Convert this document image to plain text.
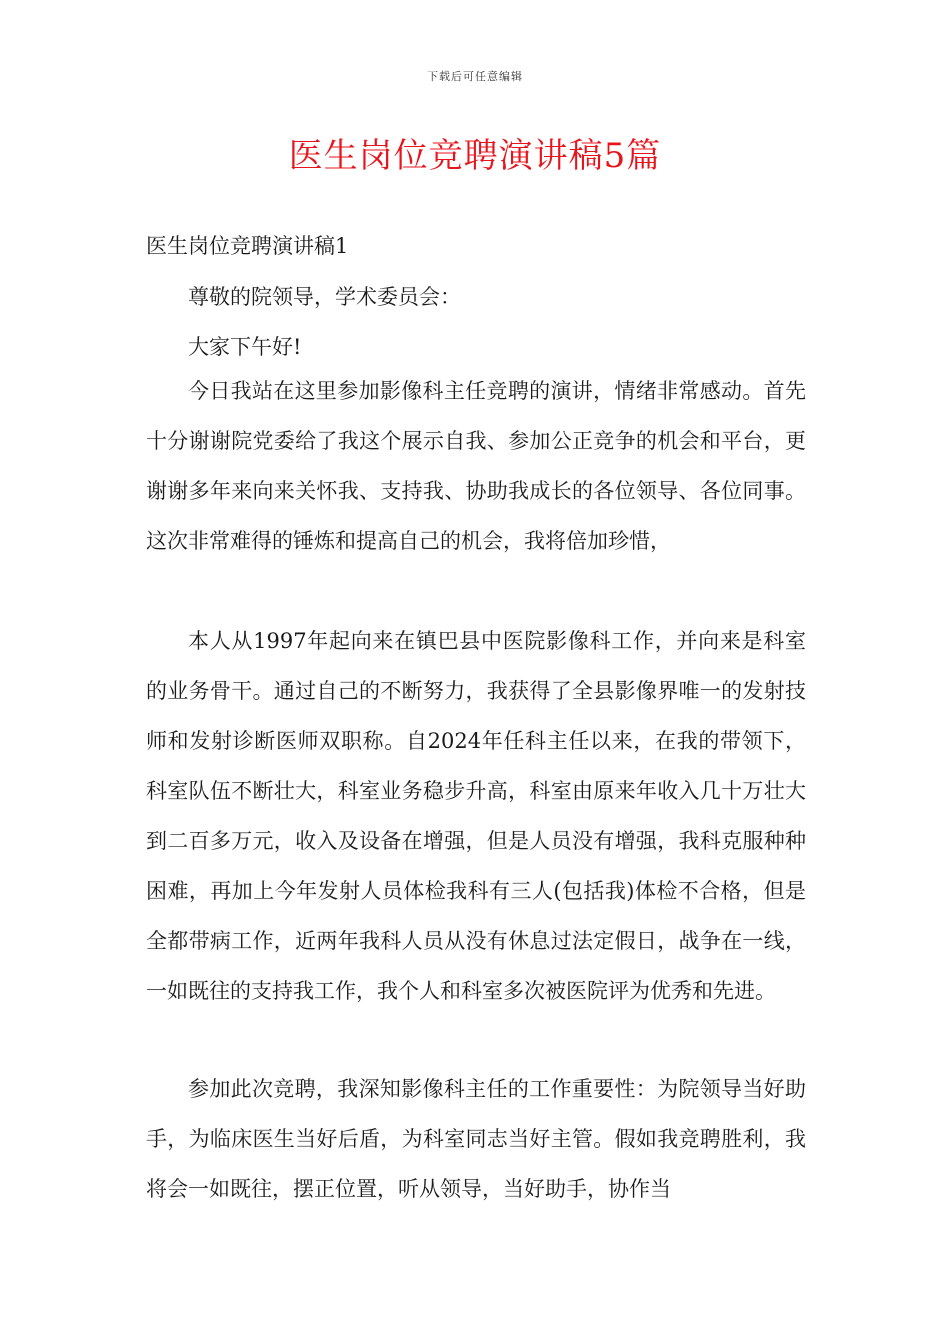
下载后可任意编辑
医生岗位竞聘演讲稿5篇
医生岗位竞聘演讲稿1

尊敬的院领导，学术委员会：

大家下午好!

今日我站在这里参加影像科主任竞聘的演讲，情绪非常感动。首先十分谢谢院党委给了我这个展示自我、参加公正竞争的机会和平台，更谢谢多年来向来关怀我、支持我、协助我成长的各位领导、各位同事。这次非常难得的锤炼和提高自己的机会，我将倍加珍惜，

本人从1997年起向来在镇巴县中医院影像科工作，并向来是科室的业务骨干。通过自己的不断努力，我获得了全县影像界唯一的发射技师和发射诊断医师双职称。自2024年任科主任以来，在我的带领下，科室队伍不断壮大，科室业务稳步升高，科室由原来年收入几十万壮大到二百多万元，收入及设备在增强，但是人员没有增强，我科克服种种困难，再加上今年发射人员体检我科有三人(包括我)体检不合格，但是全都带病工作，近两年我科人员从没有休息过法定假日，战争在一线，一如既往的支持我工作，我个人和科室多次被医院评为优秀和先进。

参加此次竞聘，我深知影像科主任的工作重要性：为院领导当好助手，为临床医生当好后盾，为科室同志当好主管。假如我竞聘胜利，我将会一如既往，摆正位置，听从领导，当好助手，协作当
